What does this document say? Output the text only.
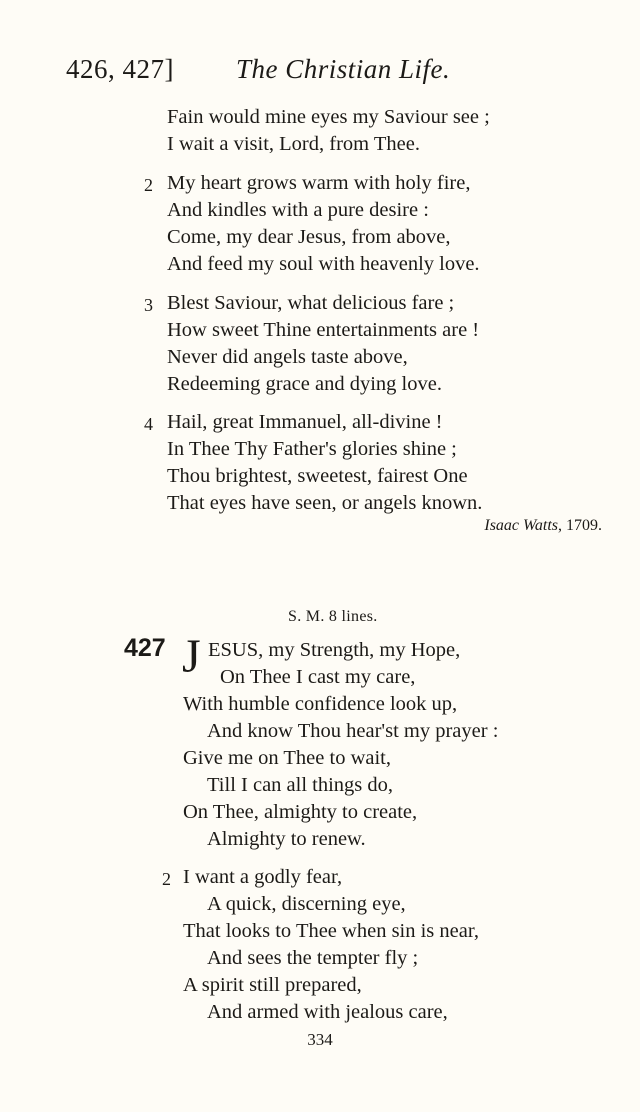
426, 427] The Christian Life.
Fain would mine eyes my Saviour see ;
I wait a visit, Lord, from Thee.
2 My heart grows warm with holy fire,
And kindles with a pure desire :
Come, my dear Jesus, from above,
And feed my soul with heavenly love.
3 Blest Saviour, what delicious fare ;
How sweet Thine entertainments are !
Never did angels taste above,
Redeeming grace and dying love.
4 Hail, great Immanuel, all-divine !
In Thee Thy Father's glories shine ;
Thou brightest, sweetest, fairest One
That eyes have seen, or angels known.
Isaac Watts, 1709.
S. M. 8 lines.
427 J ESUS, my Strength, my Hope,
On Thee I cast my care,
With humble confidence look up,
And know Thou hear'st my prayer :
Give me on Thee to wait,
Till I can all things do,
On Thee, almighty to create,
Almighty to renew.
2 I want a godly fear,
A quick, discerning eye,
That looks to Thee when sin is near,
And sees the tempter fly ;
A spirit still prepared,
And armed with jealous care,
334
